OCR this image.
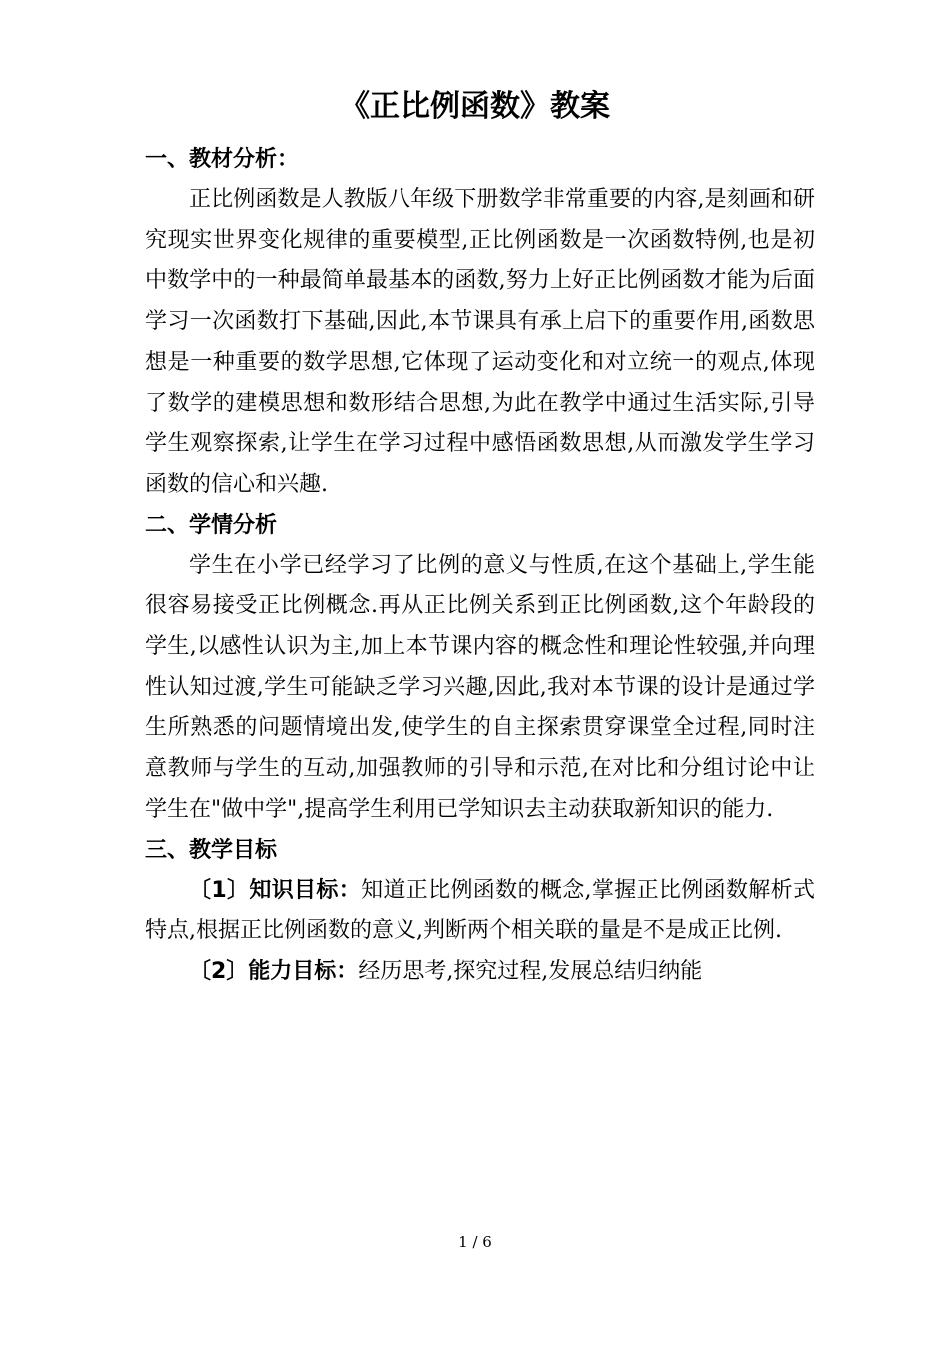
《正比例函数》教案
一、教材分析：

正比例函数是人教版八年级下册数学非常重要的内容,是刻画和研究现实世界变化规律的重要模型,正比例函数是一次函数特例,也是初中数学中的一种最简单最基本的函数,努力上好正比例函数才能为后面学习一次函数打下基础,因此,本节课具有承上启下的重要作用,函数思想是一种重要的数学思想,它体现了运动变化和对立统一的观点,体现了数学的建模思想和数形结合思想,为此在教学中通过生活实际,引导学生观察探索,让学生在学习过程中感悟函数思想,从而激发学生学习函数的信心和兴趣.

二、学情分析

学生在小学已经学习了比例的意义与性质,在这个基础上,学生能很容易接受正比例概念.再从正比例关系到正比例函数,这个年龄段的学生,以感性认识为主,加上本节课内容的概念性和理论性较强,并向理性认知过渡,学生可能缺乏学习兴趣,因此,我对本节课的设计是通过学生所熟悉的问题情境出发,使学生的自主探索贯穿课堂全过程,同时注意教师与学生的互动,加强教师的引导和示范,在对比和分组讨论中让学生在"做中学",提高学生利用已学知识去主动获取新知识的能力.

三、教学目标

〔1〕知识目标：知道正比例函数的概念,掌握正比例函数解析式特点,根据正比例函数的意义,判断两个相关联的量是不是成正比例.

〔2〕能力目标：经历思考,探究过程,发展总结归纳能

1 / 6
